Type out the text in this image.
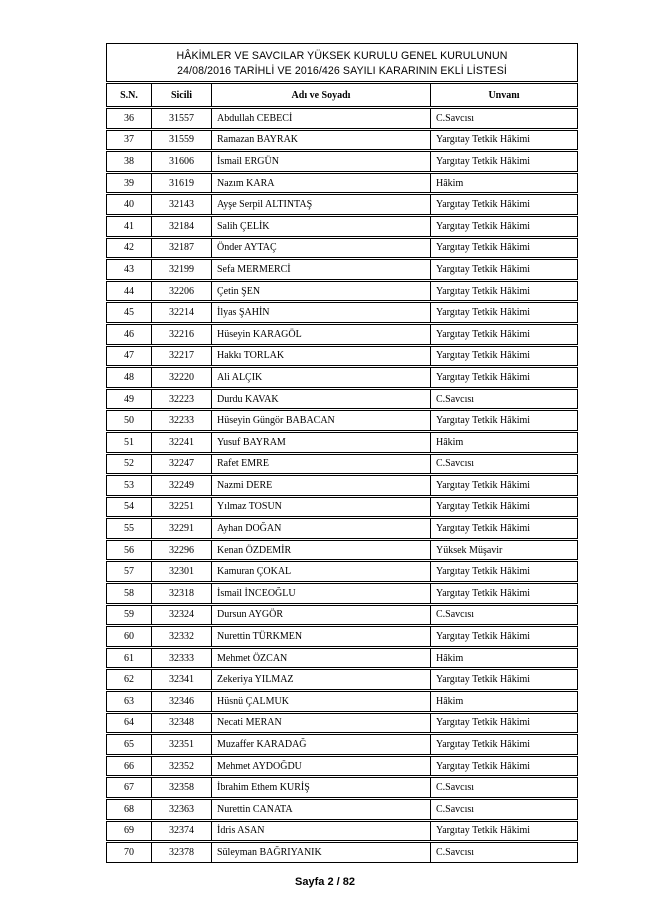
HÂKİMLER VE SAVCILAR YÜKSEK KURULU GENEL KURULUNUN
24/08/2016 TARİHLİ VE 2016/426 SAYILI KARARININ EKLİ LİSTESİ			

S.N.	Sicili	Adı ve Soyadı	Unvanı
36	31557	Abdullah CEBECİ	C.Savcısı
37	31559	Ramazan BAYRAK	Yargıtay Tetkik Hâkimi
38	31606	İsmail ERGÜN	Yargıtay Tetkik Hâkimi
39	31619	Nazım KARA	Hâkim
40	32143	Ayşe Serpil ALTINTAŞ	Yargıtay Tetkik Hâkimi
41	32184	Salih ÇELİK	Yargıtay Tetkik Hâkimi
42	32187	Önder AYTAÇ	Yargıtay Tetkik Hâkimi
43	32199	Sefa MERMERCİ	Yargıtay Tetkik Hâkimi
44	32206	Çetin ŞEN	Yargıtay Tetkik Hâkimi
45	32214	İlyas ŞAHİN	Yargıtay Tetkik Hâkimi
46	32216	Hüseyin KARAGÖL	Yargıtay Tetkik Hâkimi
47	32217	Hakkı TORLAK	Yargıtay Tetkik Hâkimi
48	32220	Ali ALÇIK	Yargıtay Tetkik Hâkimi
49	32223	Durdu KAVAK	C.Savcısı
50	32233	Hüseyin Güngör BABACAN	Yargıtay Tetkik Hâkimi
51	32241	Yusuf BAYRAM	Hâkim
52	32247	Rafet EMRE	C.Savcısı
53	32249	Nazmi DERE	Yargıtay Tetkik Hâkimi
54	32251	Yılmaz TOSUN	Yargıtay Tetkik Hâkimi
55	32291	Ayhan DOĞAN	Yargıtay Tetkik Hâkimi
56	32296	Kenan ÖZDEMİR	Yüksek Müşavir
57	32301	Kamuran ÇOKAL	Yargıtay Tetkik Hâkimi
58	32318	İsmail İNCEOĞLU	Yargıtay Tetkik Hâkimi
59	32324	Dursun AYGÖR	C.Savcısı
60	32332	Nurettin TÜRKMEN	Yargıtay Tetkik Hâkimi
61	32333	Mehmet ÖZCAN	Hâkim
62	32341	Zekeriya YILMAZ	Yargıtay Tetkik Hâkimi
63	32346	Hüsnü ÇALMUK	Hâkim
64	32348	Necati MERAN	Yargıtay Tetkik Hâkimi
65	32351	Muzaffer KARADAĞ	Yargıtay Tetkik Hâkimi
66	32352	Mehmet AYDOĞDU	Yargıtay Tetkik Hâkimi
67	32358	İbrahim Ethem KURİŞ	C.Savcısı
68	32363	Nurettin CANATA	C.Savcısı
69	32374	İdris ASAN	Yargıtay Tetkik Hâkimi
70	32378	Süleyman BAĞRIYANIK	C.Savcısı
Sayfa 2 / 82
